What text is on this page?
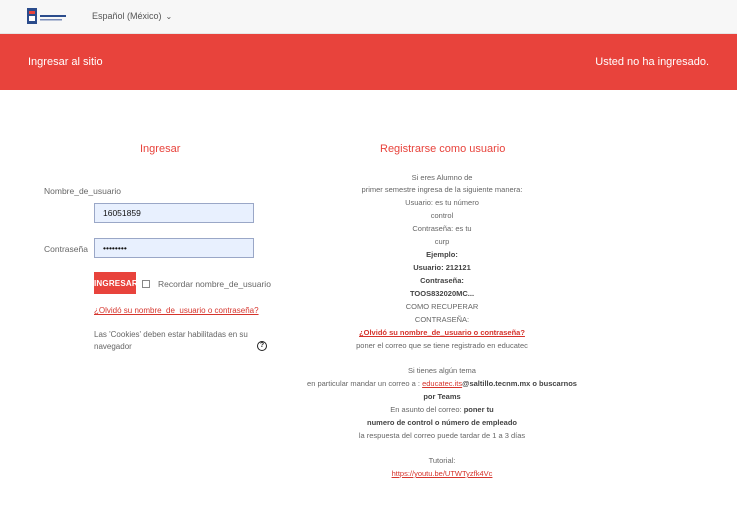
Español (México) ⌄
Ingresar al sitio	Usted no ha ingresado.
Ingresar
Nombre_de_usuario
16051859
Contraseña
••••••••
INGRESAR Recordar nombre_de_usuario
¿Olvidó su nombre_de_usuario o contraseña?
Las 'Cookies' deben estar habilitadas en su navegador	?
Registrarse como usuario
Si eres Alumno de
primer semestre ingresa de la siguiente manera:
Usuario: es tu número
control
Contraseña: es tu
curp
Ejemplo:
Usuario: 212121
Contraseña:
TOOS832020MC...
COMO RECUPERAR
CONTRASEÑA:
¿Olvidó su nombre_de_usuario o contraseña?
poner el correo que se tiene registrado en educatec
Si tienes algún tema
en particular mandar un correo a : educatec.its@saltillo.tecnm.mx o buscarnos
por Teams
En asunto del correo: poner tu
numero de control o número de empleado
la respuesta del correo puede tardar de 1 a 3 días
Tutorial:
https://youtu.be/UTWTyzfk4Vc
